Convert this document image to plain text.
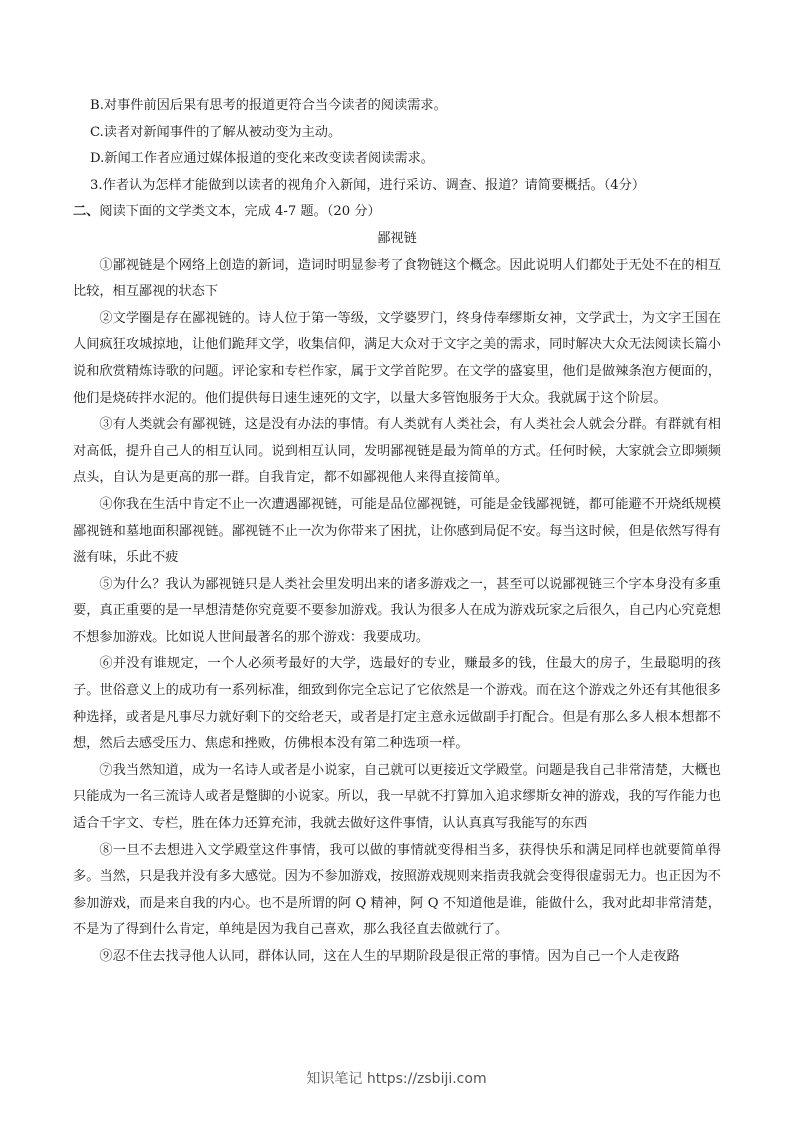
B.对事件前因后果有思考的报道更符合当今读者的阅读需求。
C.读者对新闻事件的了解从被动变为主动。
D.新闻工作者应通过媒体报道的变化来改变读者阅读需求。
3.作者认为怎样才能做到以读者的视角介入新闻，进行采访、调查、报道？请简要概括。（4分）
二、阅读下面的文学类文本，完成 4-7 题。（20 分）
鄙视链
①鄙视链是个网络上创造的新词，造词时明显参考了食物链这个概念。因此说明人们都处于无处不在的相互比较，相互鄙视的状态下
②文学圈是存在鄙视链的。诗人位于第一等级，文学婆罗门，终身侍奉缪斯女神，文学武士，为文字王国在人间疯狂攻城掠地，让他们跪拜文学，收集信仰，满足大众对于文字之美的需求，同时解决大众无法阅读长篇小说和欣赏精炼诗歌的问题。评论家和专栏作家，属于文学首陀罗。在文学的盛宴里，他们是做辣条泡方便面的，他们是烧砖拌水泥的。他们提供每日速生速死的文字，以量大多管饱服务于大众。我就属于这个阶层。
③有人类就会有鄙视链，这是没有办法的事情。有人类就有人类社会，有人类社会人就会分群。有群就有相对高低，提升自己人的相互认同。说到相互认同，发明鄙视链是最为简单的方式。任何时候，大家就会立即频频点头，自认为是更高的那一群。自我肯定，都不如鄙视他人来得直接简单。
④你我在生活中肯定不止一次遭遇鄙视链，可能是品位鄙视链，可能是金钱鄙视链，都可能避不开烧纸规模鄙视链和墓地面积鄙视链。鄙视链不止一次为你带来了困扰，让你感到局促不安。每当这时候，但是依然写得有滋有味，乐此不疲
⑤为什么？我认为鄙视链只是人类社会里发明出来的诸多游戏之一，甚至可以说鄙视链三个字本身没有多重要，真正重要的是一早想清楚你究竟要不要参加游戏。我认为很多人在成为游戏玩家之后很久，自己内心究竟想不想参加游戏。比如说人世间最著名的那个游戏：我要成功。
⑥并没有谁规定，一个人必须考最好的大学，选最好的专业，赚最多的钱，住最大的房子，生最聪明的孩子。世俗意义上的成功有一系列标准，细致到你完全忘记了它依然是一个游戏。而在这个游戏之外还有其他很多种选择，或者是凡事尽力就好剩下的交给老天，或者是打定主意永远做副手打配合。但是有那么多人根本想都不想，然后去感受压力、焦虑和挫败，仿佛根本没有第二种选项一样。
⑦我当然知道，成为一名诗人或者是小说家，自己就可以更接近文学殿堂。问题是我自己非常清楚，大概也只能成为一名三流诗人或者是蹩脚的小说家。所以，我一早就不打算加入追求缪斯女神的游戏，我的写作能力也适合千字文、专栏，胜在体力还算充沛，我就去做好这件事情，认认真真写我能写的东西
⑧一旦不去想进入文学殿堂这件事情，我可以做的事情就变得相当多，获得快乐和满足同样也就要简单得多。当然，只是我并没有多大感觉。因为不参加游戏，按照游戏规则来指责我就会变得很虚弱无力。也正因为不参加游戏，而是来自我的内心。也不是所谓的阿 Q 精神，阿 Q 不知道他是谁，能做什么，我对此却非常清楚，不是为了得到什么肯定，单纯是因为我自己喜欢，那么我径直去做就行了。
⑨忍不住去找寻他人认同，群体认同，这在人生的早期阶段是很正常的事情。因为自己一个人走夜路
知识笔记 https://zsbiji.com
